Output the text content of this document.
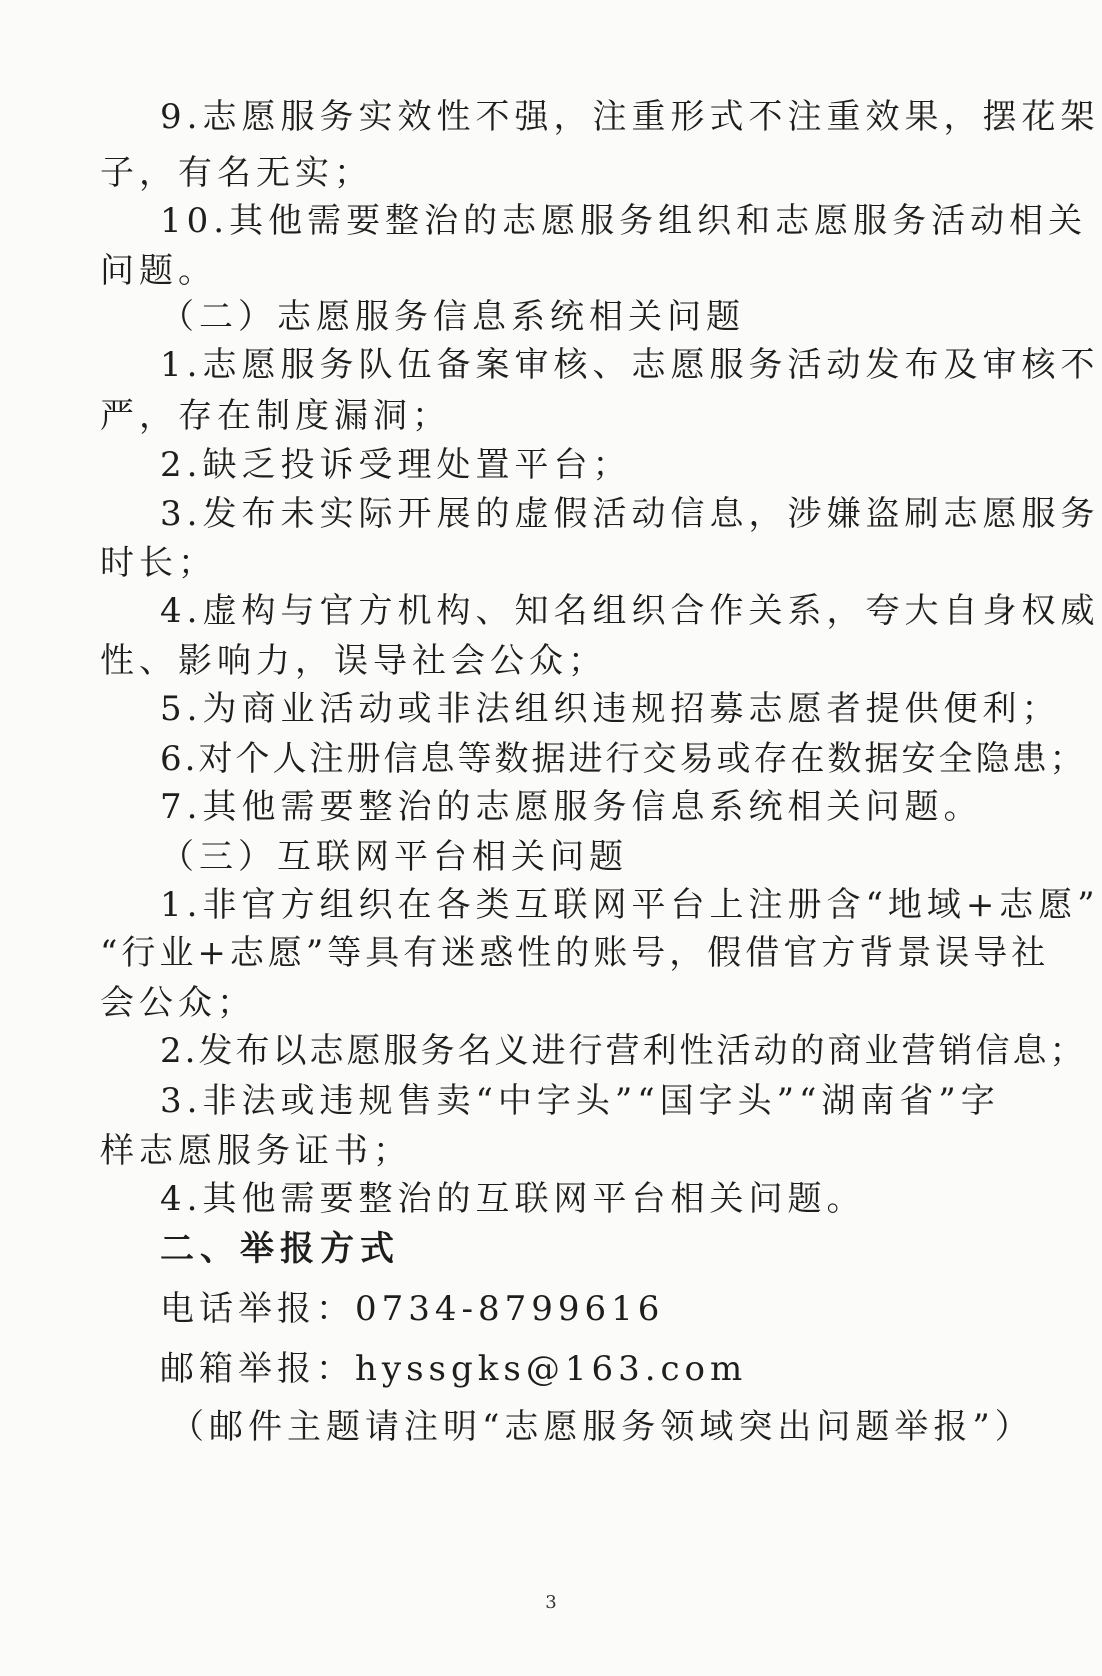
9.志愿服务实效性不强，注重形式不注重效果，摆花架
子，有名无实；
10.其他需要整治的志愿服务组织和志愿服务活动相关
问题。
（二）志愿服务信息系统相关问题
1.志愿服务队伍备案审核、志愿服务活动发布及审核不
严，存在制度漏洞；
2.缺乏投诉受理处置平台；
3.发布未实际开展的虚假活动信息，涉嫌盗刷志愿服务
时长；
4.虚构与官方机构、知名组织合作关系，夸大自身权威
性、影响力，误导社会公众；
5.为商业活动或非法组织违规招募志愿者提供便利；
6.对个人注册信息等数据进行交易或存在数据安全隐患；
7.其他需要整治的志愿服务信息系统相关问题。
（三）互联网平台相关问题
1.非官方组织在各类互联网平台上注册含“地域+志愿”
“行业+志愿”等具有迷惑性的账号，假借官方背景误导社
会公众；
2.发布以志愿服务名义进行营利性活动的商业营销信息；
3.非法或违规售卖“中字头”“国字头”“湖南省”字
样志愿服务证书；
4.其他需要整治的互联网平台相关问题。
二、举报方式
电话举报：0734-8799616
邮箱举报：hyssgks@163.com
（邮件主题请注明“志愿服务领域突出问题举报”）
3
